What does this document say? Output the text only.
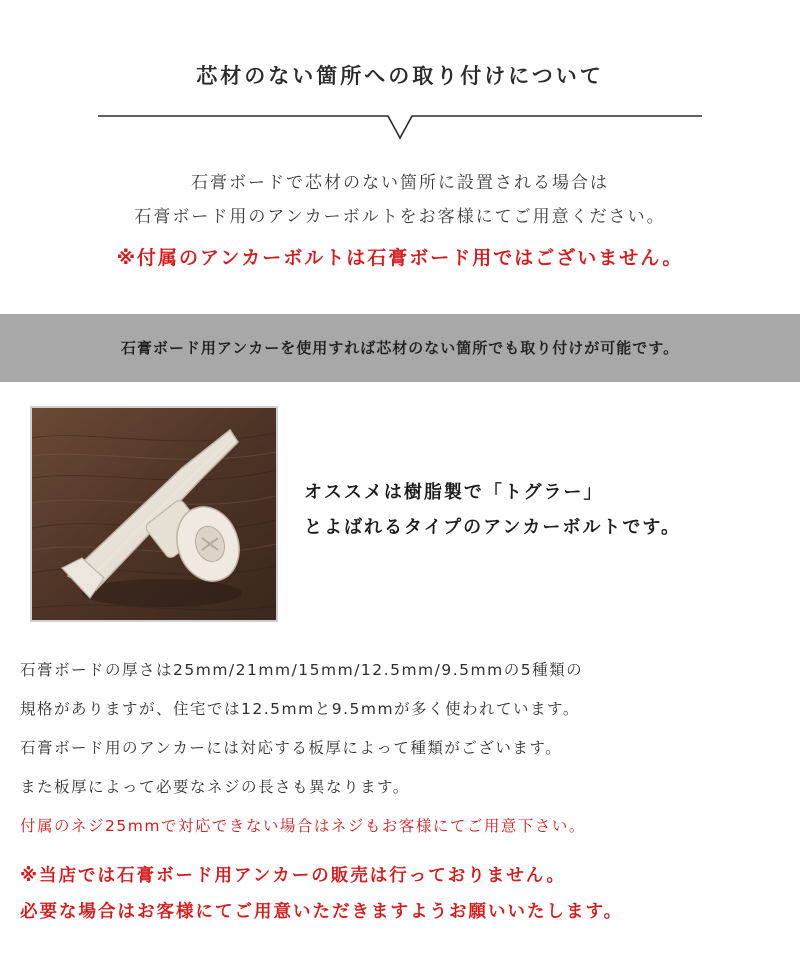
芯材のない箇所への取り付けについて
石膏ボードで芯材のない箇所に設置される場合は
石膏ボード用のアンカーボルトをお客様にてご用意ください。
※付属のアンカーボルトは石膏ボード用ではございません。
石膏ボード用アンカーを使用すれば芯材のない箇所でも取り付けが可能です。
オススメは樹脂製で「トグラー」
とよばれるタイプのアンカーボルトです。
石膏ボードの厚さは25mm/21mm/15mm/12.5mm/9.5mmの5種類の
規格がありますが、住宅では12.5mmと9.5mmが多く使われています。
石膏ボード用のアンカーには対応する板厚によって種類がございます。
また板厚によって必要なネジの長さも異なります。
付属のネジ25mmで対応できない場合はネジもお客様にてご用意下さい。
※当店では石膏ボード用アンカーの販売は行っておりません。
必要な場合はお客様にてご用意いただきますようお願いいたします。
